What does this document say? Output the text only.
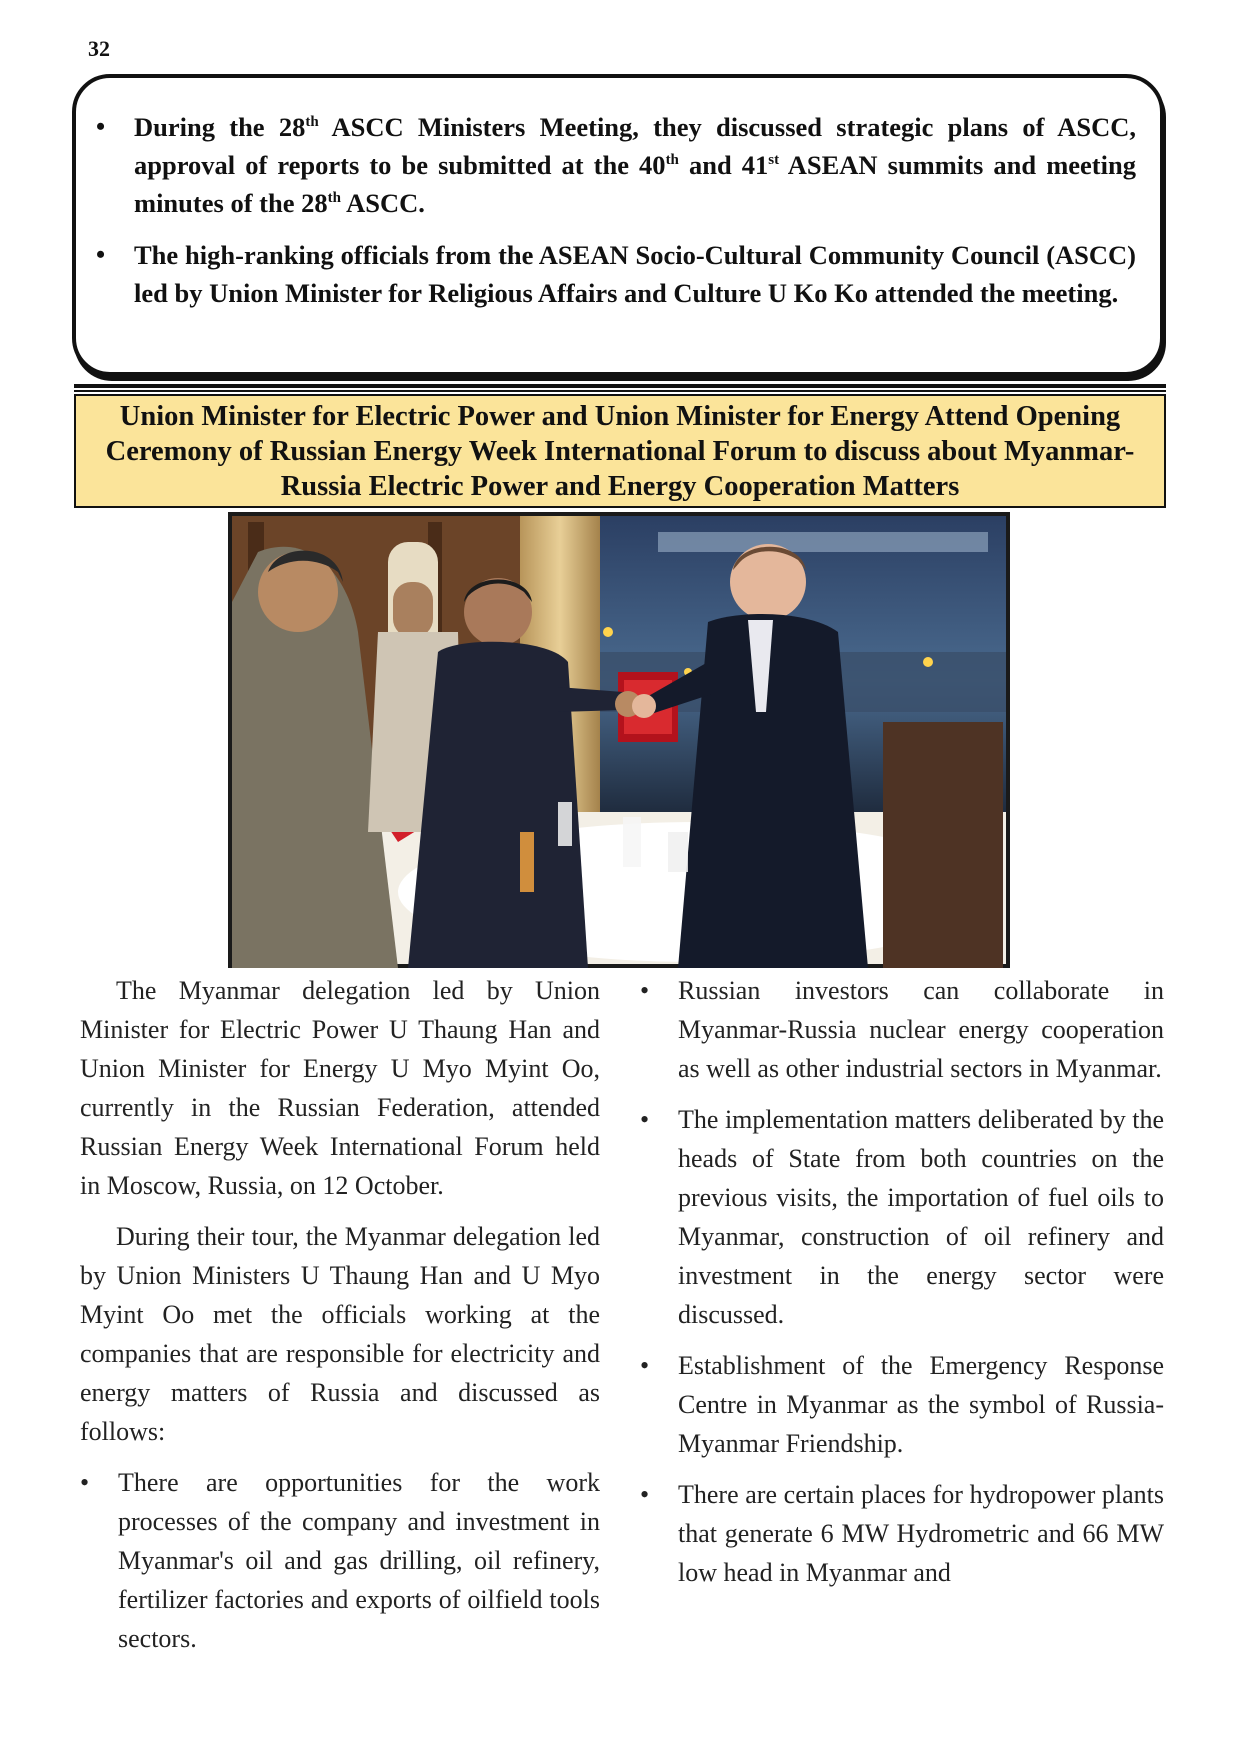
32
• During the 28th ASCC Ministers Meeting, they discussed strategic plans of ASCC, approval of reports to be submitted at the 40th and 41st ASEAN summits and meeting minutes of the 28th ASCC.
• The high-ranking officials from the ASEAN Socio-Cultural Community Council (ASCC) led by Union Minister for Religious Affairs and Culture U Ko Ko attended the meeting.
Union Minister for Electric Power and Union Minister for Energy Attend Opening Ceremony of Russian Energy Week International Forum to discuss about Myanmar-Russia Electric Power and Energy Cooperation Matters

The Myanmar delegation led by Union Minister for Electric Power U Thaung Han and Union Minister for Energy U Myo Myint Oo, currently in the Russian Federation, attended Russian Energy Week International Forum held in Moscow, Russia, on 12 October.

During their tour, the Myanmar delegation led by Union Ministers U Thaung Han and U Myo Myint Oo met the officials working at the companies that are responsible for electricity and energy matters of Russia and discussed as follows:

• There are opportunities for the work processes of the company and investment in Myanmar's oil and gas drilling, oil refinery, fertilizer factories and exports of oilfield tools sectors.
• Russian investors can collaborate in Myanmar-Russia nuclear energy cooperation as well as other industrial sectors in Myanmar.
• The implementation matters deliberated by the heads of State from both countries on the previous visits, the importation of fuel oils to Myanmar, construction of oil refinery and investment in the energy sector were discussed.
• Establishment of the Emergency Response Centre in Myanmar as the symbol of Russia-Myanmar Friendship.
• There are certain places for hydropower plants that generate 6 MW Hydrometric and 66 MW low head in Myanmar and
